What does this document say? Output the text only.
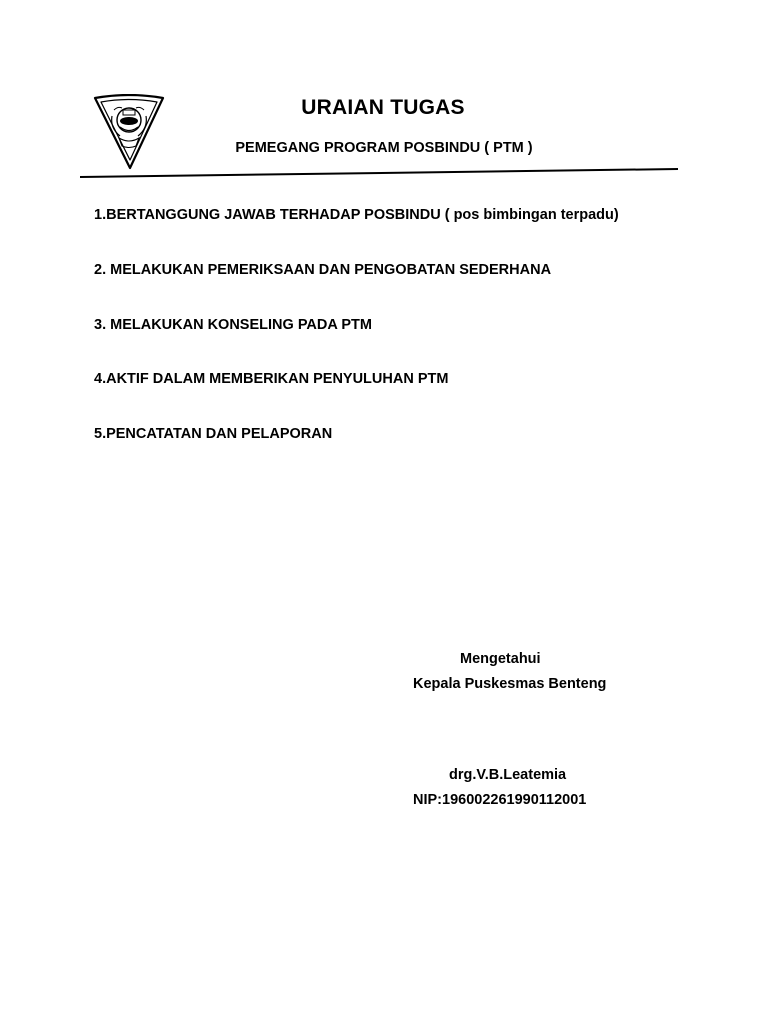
URAIAN TUGAS
PEMEGANG PROGRAM POSBINDU ( PTM )
1.BERTANGGUNG JAWAB TERHADAP POSBINDU ( pos bimbingan terpadu)
2. MELAKUKAN PEMERIKSAAN DAN PENGOBATAN SEDERHANA
3. MELAKUKAN KONSELING PADA PTM
4.AKTIF DALAM MEMBERIKAN PENYULUHAN PTM
5.PENCATATAN DAN PELAPORAN
Mengetahui
Kepala Puskesmas Benteng
drg.V.B.Leatemia
NIP:196002261990112001
